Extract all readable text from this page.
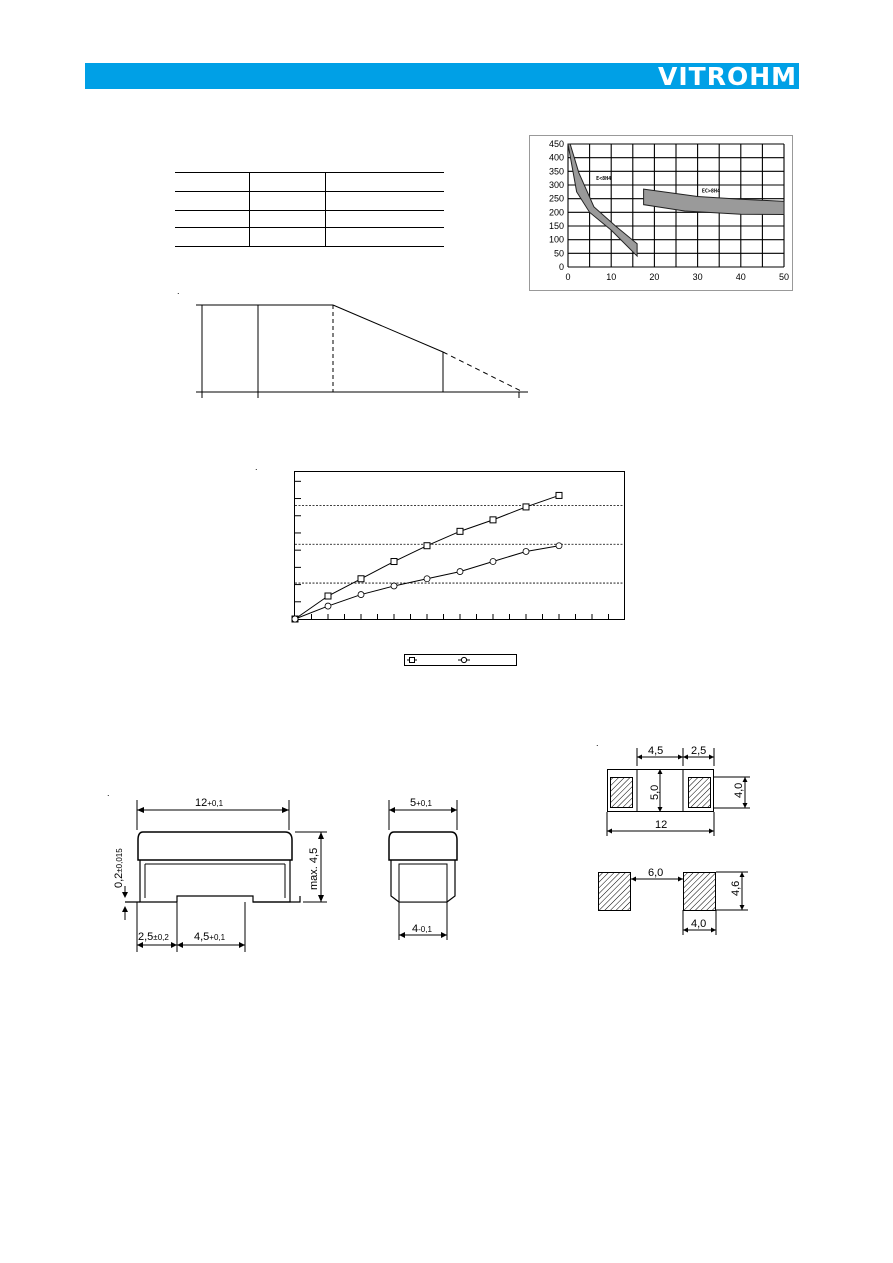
VITROHM

E<8H4
EC>8H4
450
400
350
300
250
200
150
100
50
0
0	10	20	30	40	50
.
.
.
12+0,1
max. 4,5
0,2±0,015
2,5±0,2 4,5+0,1
5+0,1
4-0,1
.
4,5	2,5
5,0	4,0
12
6,0
4,6
4,0
